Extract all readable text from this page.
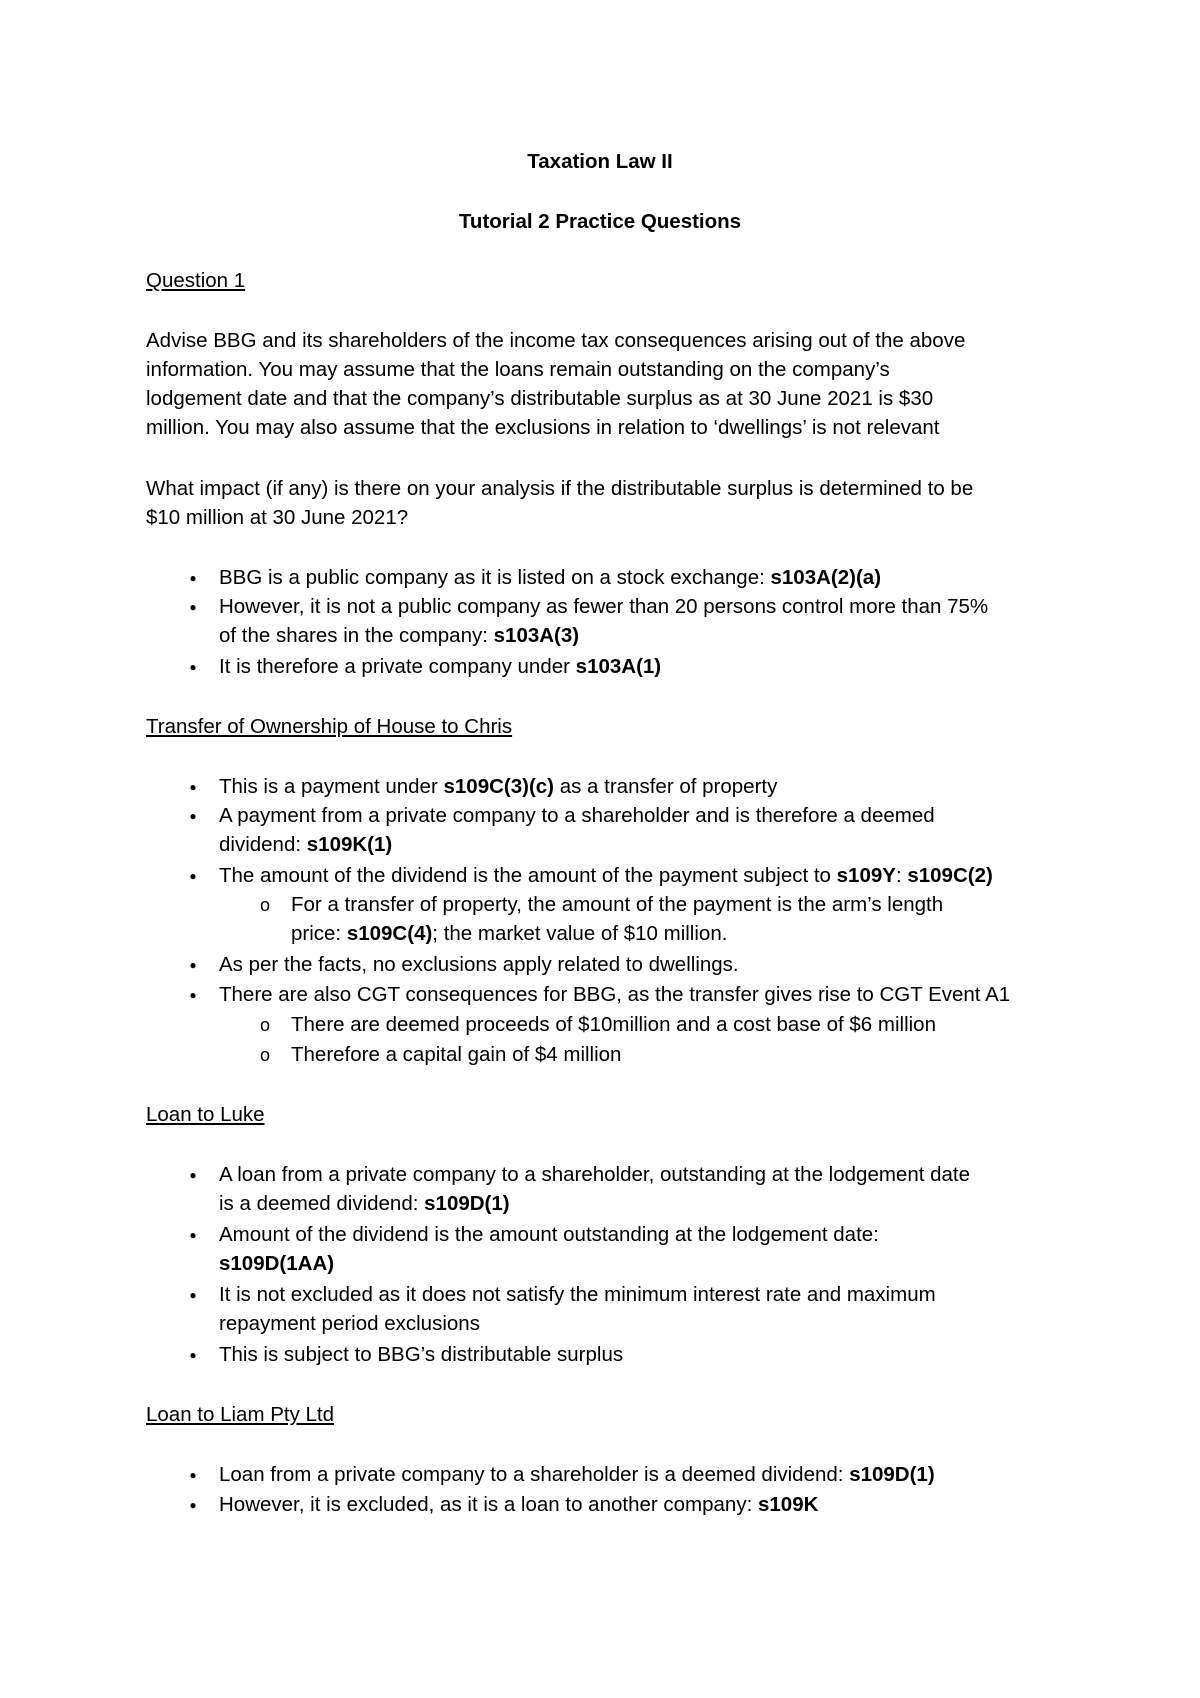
Taxation Law II
Tutorial 2 Practice Questions
Question 1
Advise BBG and its shareholders of the income tax consequences arising out of the above
information. You may assume that the loans remain outstanding on the company’s
lodgement date and that the company’s distributable surplus as at 30 June 2021 is $30
million. You may also assume that the exclusions in relation to ‘dwellings’ is not relevant
What impact (if any) is there on your analysis if the distributable surplus is determined to be
$10 million at 30 June 2021?
●
BBG is a public company as it is listed on a stock exchange: s103A(2)(a)
●
However, it is not a public company as fewer than 20 persons control more than 75%
of the shares in the company: s103A(3)
●
It is therefore a private company under s103A(1)
Transfer of Ownership of House to Chris
●
This is a payment under s109C(3)(c) as a transfer of property
●
A payment from a private company to a shareholder and is therefore a deemed
dividend: s109K(1)
●
The amount of the dividend is the amount of the payment subject to s109Y: s109C(2)
o
For a transfer of property, the amount of the payment is the arm’s length
price: s109C(4); the market value of $10 million.
●
As per the facts, no exclusions apply related to dwellings.
●
There are also CGT consequences for BBG, as the transfer gives rise to CGT Event A1
o
There are deemed proceeds of $10million and a cost base of $6 million
o
Therefore a capital gain of $4 million
Loan to Luke
●
A loan from a private company to a shareholder, outstanding at the lodgement date
is a deemed dividend: s109D(1)
●
Amount of the dividend is the amount outstanding at the lodgement date:
s109D(1AA)
●
It is not excluded as it does not satisfy the minimum interest rate and maximum
repayment period exclusions
●
This is subject to BBG’s distributable surplus
Loan to Liam Pty Ltd
●
Loan from a private company to a shareholder is a deemed dividend: s109D(1)
●
However, it is excluded, as it is a loan to another company: s109K
